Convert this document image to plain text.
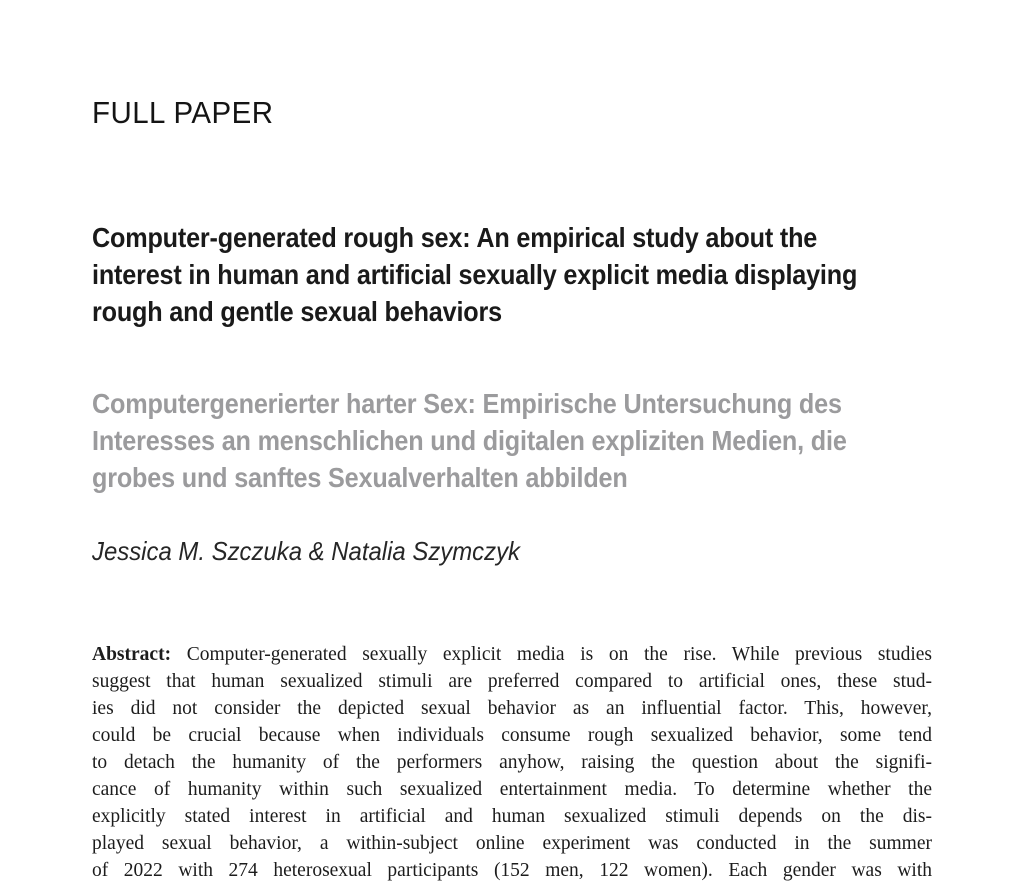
FULL PAPER
Computer-generated rough sex: An empirical study about the
interest in human and artificial sexually explicit media displaying
rough and gentle sexual behaviors
Computergenerierter harter Sex: Empirische Untersuchung des
Interesses an menschlichen und digitalen expliziten Medien, die
grobes und sanftes Sexualverhalten abbilden
Jessica M. Szczuka & Natalia Szymczyk
Abstract: Computer-generated sexually explicit media is on the rise. While previous studies
suggest that human sexualized stimuli are preferred compared to artificial ones, these stud-
ies did not consider the depicted sexual behavior as an influential factor. This, however,
could be crucial because when individuals consume rough sexualized behavior, some tend
to detach the humanity of the performers anyhow, raising the question about the signifi-
cance of humanity within such sexualized entertainment media. To determine whether the
explicitly stated interest in artificial and human sexualized stimuli depends on the dis-
played sexual behavior, a within-subject online experiment was conducted in the summer
of 2022 with 274 heterosexual participants (152 men, 122 women). Each gender was with
